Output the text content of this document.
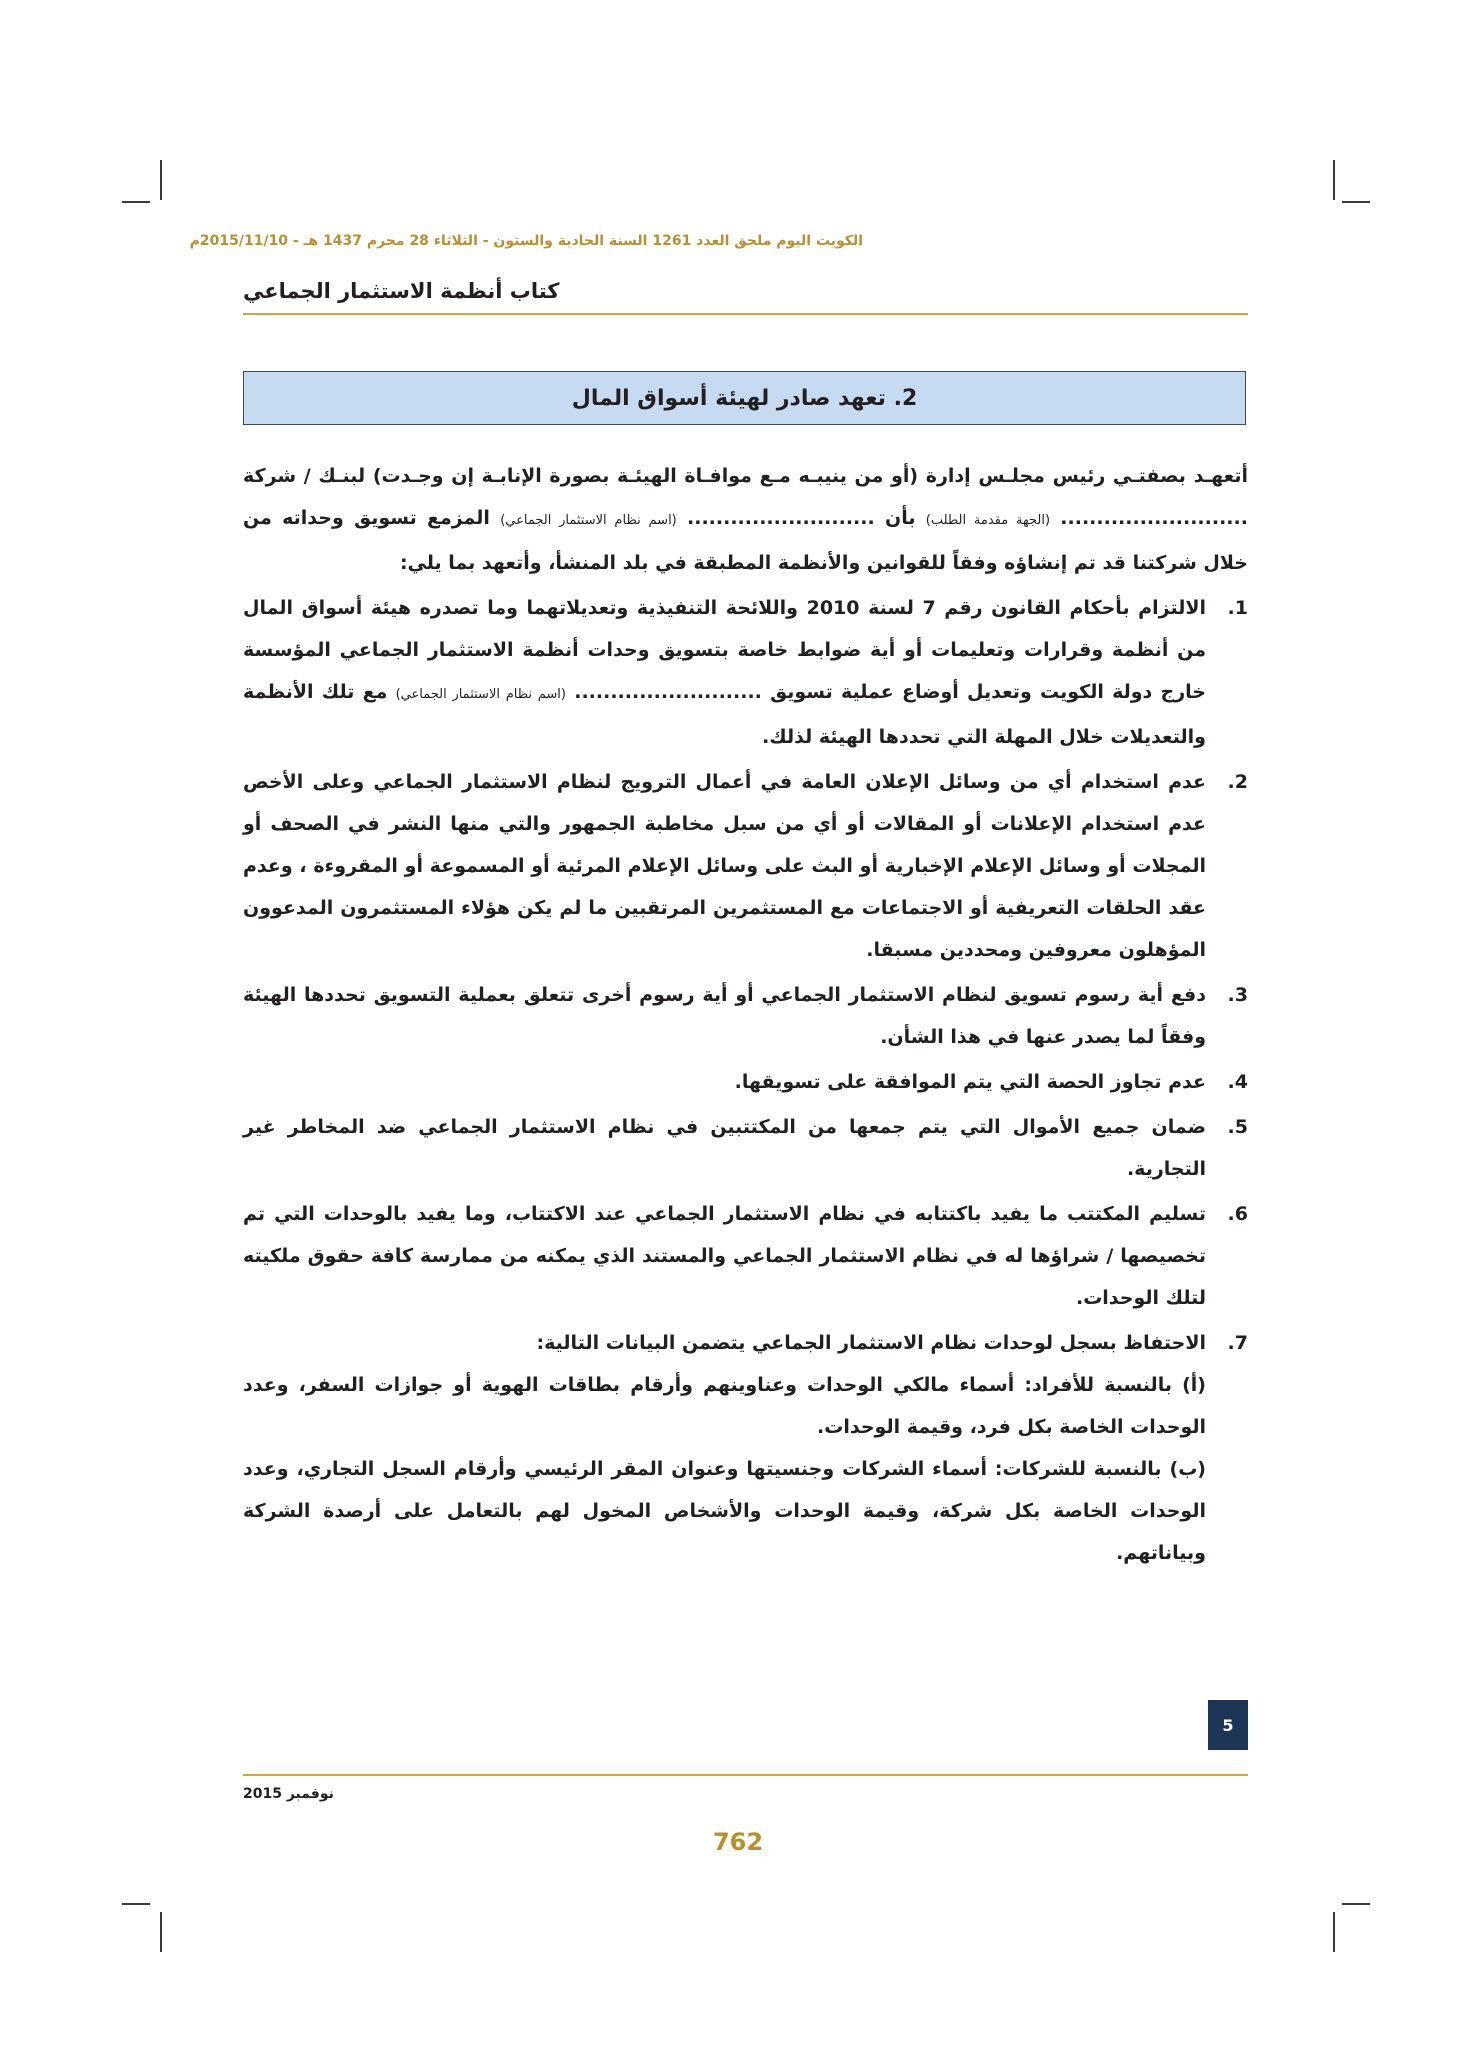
الكويت اليوم ملحق العدد 1261 السنة الحادية والستون - الثلاثاء 28 محرم 1437 هـ - 2015/11/10م
كتاب أنظمة الاستثمار الجماعي
2. تعهد صادر لهيئة أسواق المال

أتعهـد بصفتـي رئيس مجلـس إدارة (أو من ينيبـه مـع موافـاة الهيئـة بصورة الإنابـة إن وجـدت) لبنـك / شركة .......................... (الجهة مقدمة الطلب) بأن .......................... (اسم نظام الاستثمار الجماعي) المزمع تسويق وحداته من خلال شركتنا قد تم إنشاؤه وفقاً للقوانين والأنظمة المطبقة في بلد المنشأ، وأتعهد بما يلي:

.1
الالتزام بأحكام القانون رقم 7 لسنة 2010 واللائحة التنفيذية وتعديلاتهما وما تصدره هيئة أسواق المال من أنظمة وقرارات وتعليمات أو أية ضوابط خاصة بتسويق وحدات أنظمة الاستثمار الجماعي المؤسسة خارج دولة الكويت وتعديل أوضاع عملية تسويق .......................... (اسم نظام الاستثمار الجماعي) مع تلك الأنظمة والتعديلات خلال المهلة التي تحددها الهيئة لذلك.
.2
عدم استخدام أي من وسائل الإعلان العامة في أعمال الترويج لنظام الاستثمار الجماعي وعلى الأخص عدم استخدام الإعلانات أو المقالات أو أي من سبل مخاطبة الجمهور والتي منها النشر في الصحف أو المجلات أو وسائل الإعلام الإخبارية أو البث على وسائل الإعلام المرئية أو المسموعة أو المقروءة ، وعدم عقد الحلقات التعريفية أو الاجتماعات مع المستثمرين المرتقبين ما لم يكن هؤلاء المستثمرون المدعوون المؤهلون معروفين ومحددين مسبقا.
.3
دفع أية رسوم تسويق لنظام الاستثمار الجماعي أو أية رسوم أخرى تتعلق بعملية التسويق تحددها الهيئة وفقاً لما يصدر عنها في هذا الشأن.
.4
عدم تجاوز الحصة التي يتم الموافقة على تسويقها.
.5
ضمان جميع الأموال التي يتم جمعها من المكتتبين في نظام الاستثمار الجماعي ضد المخاطر غير التجارية.
.6
تسليم المكتتب ما يفيد باكتتابه في نظام الاستثمار الجماعي عند الاكتتاب، وما يفيد بالوحدات التي تم تخصيصها / شراؤها له في نظام الاستثمار الجماعي والمستند الذي يمكنه من ممارسة كافة حقوق ملكيته لتلك الوحدات.
.7
الاحتفاظ بسجل لوحدات نظام الاستثمار الجماعي يتضمن البيانات التالية:
(أ) بالنسبة للأفراد: أسماء مالكي الوحدات وعناوينهم وأرقام بطاقات الهوية أو جوازات السفر، وعدد الوحدات الخاصة بكل فرد، وقيمة الوحدات.
(ب) بالنسبة للشركات: أسماء الشركات وجنسيتها وعنوان المقر الرئيسي وأرقام السجل التجاري، وعدد الوحدات الخاصة بكل شركة، وقيمة الوحدات والأشخاص المخول لهم بالتعامل على أرصدة الشركة وبياناتهم.
5
نوفمبر 2015
762
